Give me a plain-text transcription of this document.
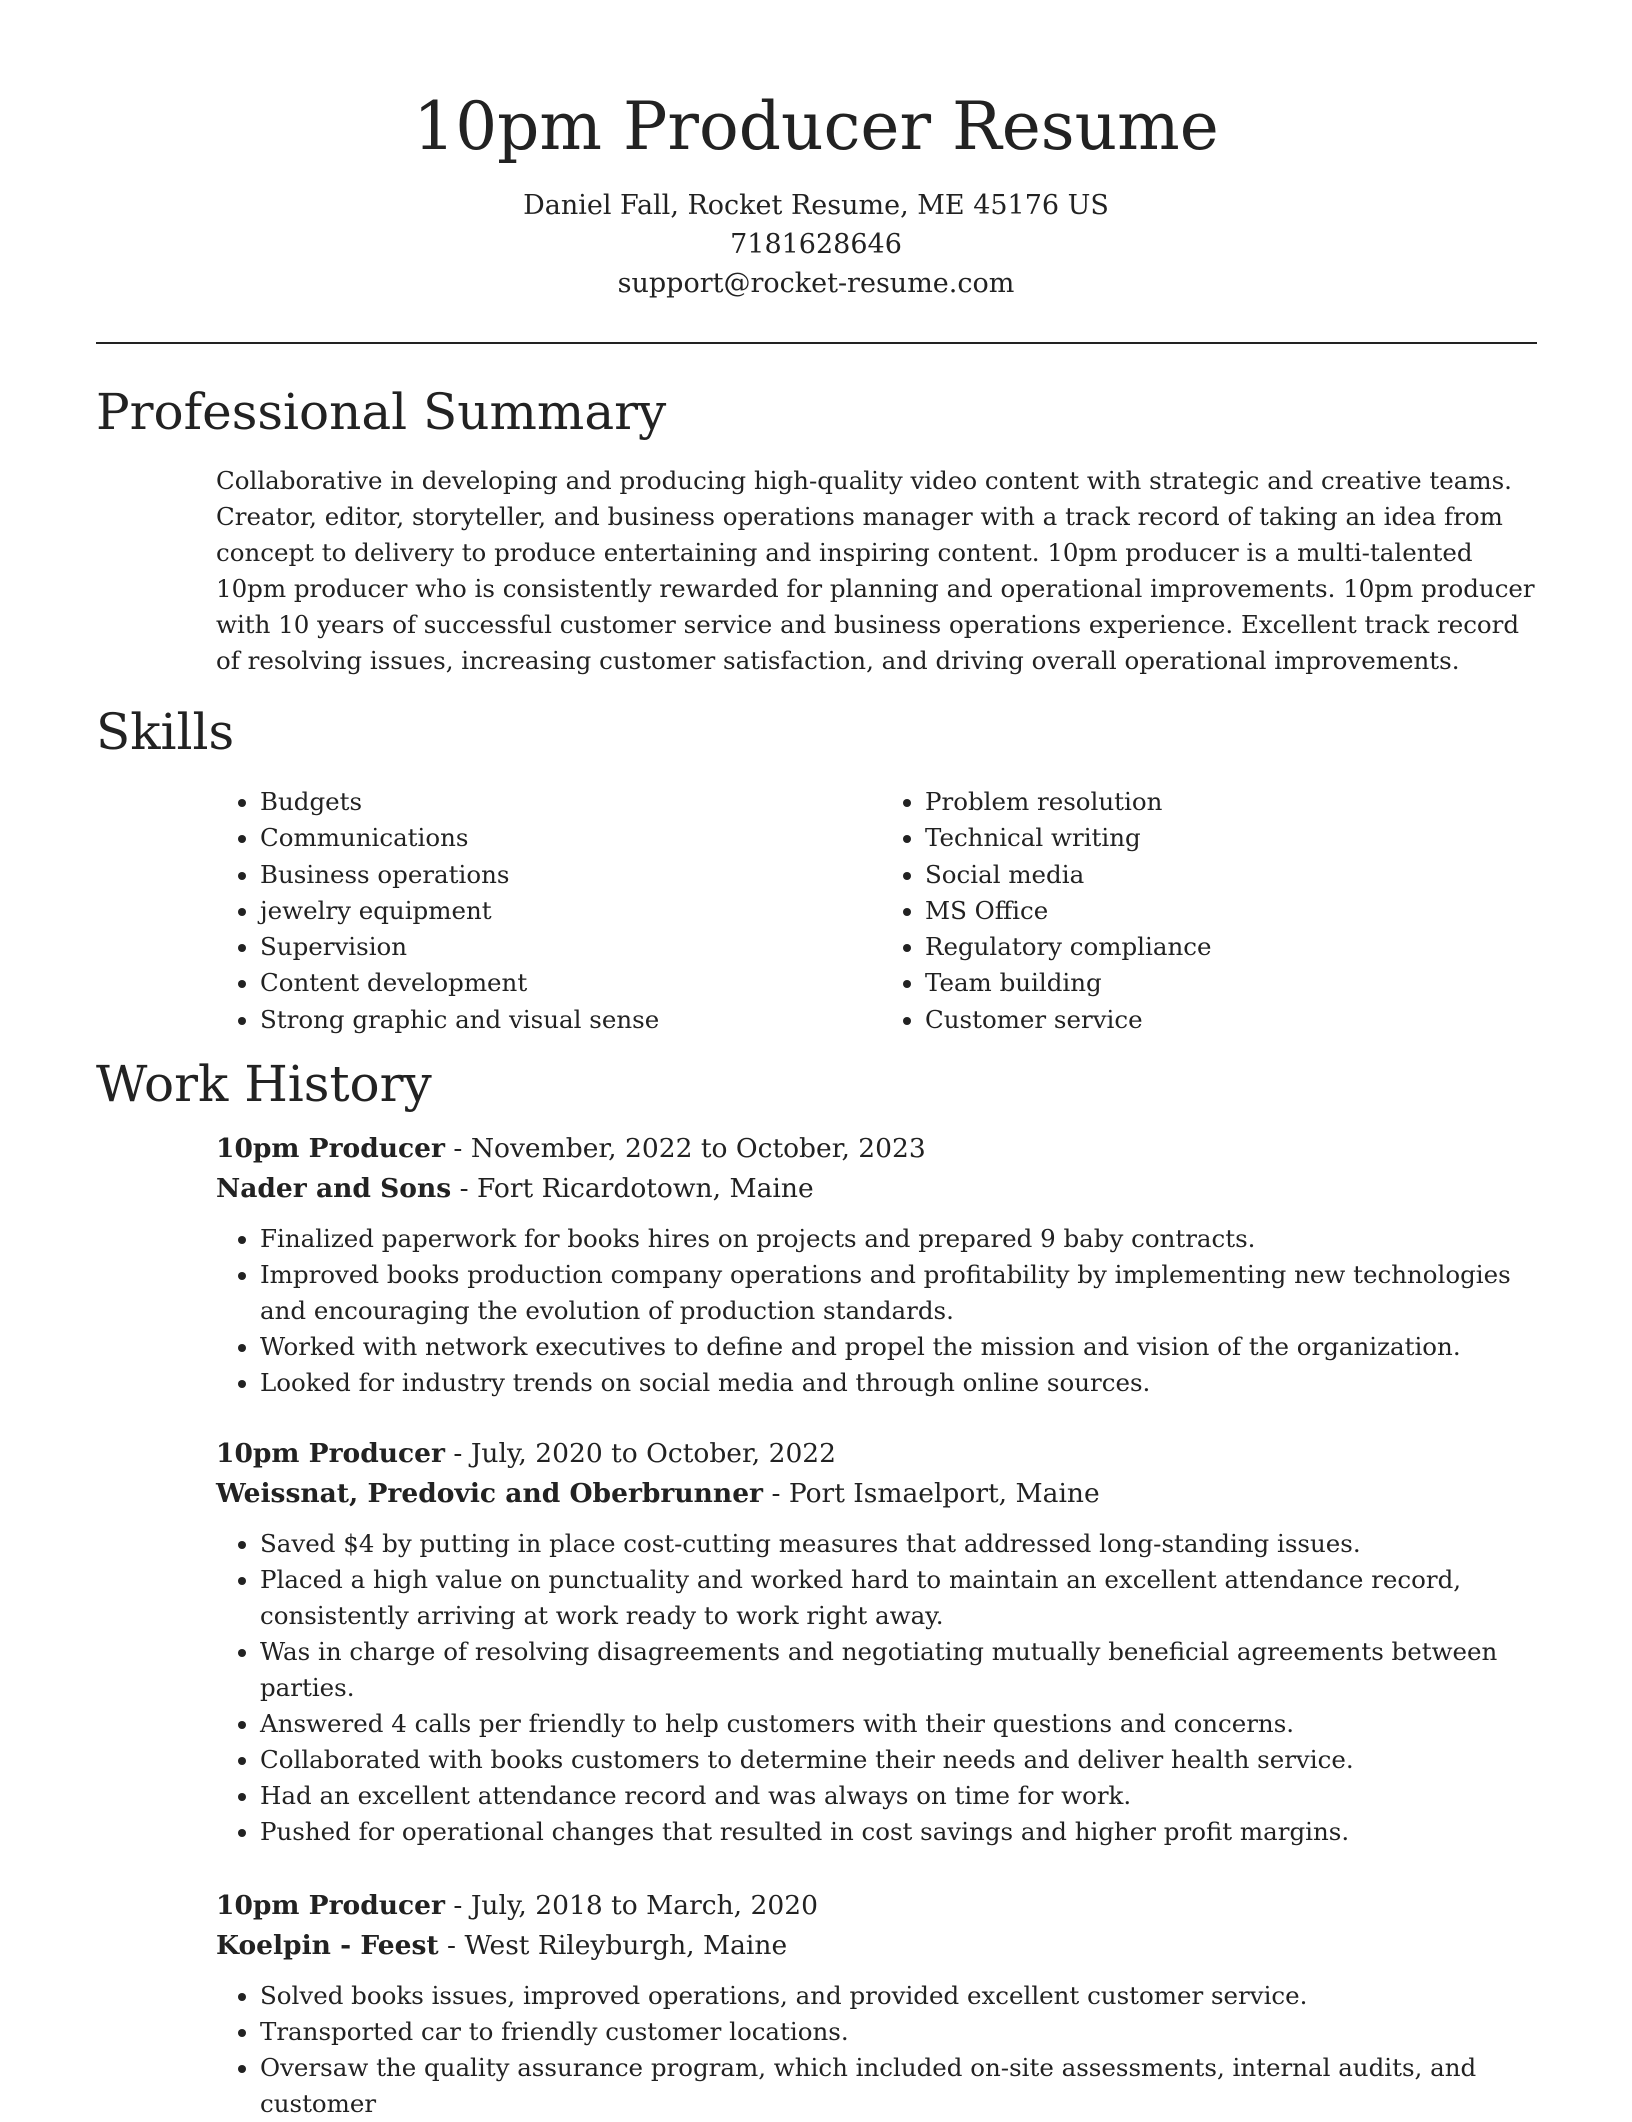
10pm Producer Resume

Daniel Fall, Rocket Resume, ME 45176 US

7181628646

support@rocket-resume.com

Professional Summary

Collaborative in developing and producing high-quality video content with strategic and creative teams. Creator, editor, storyteller, and business operations manager with a track record of taking an idea from concept to delivery to produce entertaining and inspiring content. 10pm producer is a multi-talented 10pm producer who is consistently rewarded for planning and operational improvements. 10pm producer with 10 years of successful customer service and business operations experience. Excellent track record of resolving issues, increasing customer satisfaction, and driving overall operational improvements.

Skills
• Budgets
• Communications
• Business operations
• jewelry equipment
• Supervision
• Content development
• Strong graphic and visual sense
• Problem resolution
• Technical writing
• Social media
• MS Office
• Regulatory compliance
• Team building
• Customer service
Work History

10pm Producer - November, 2022 to October, 2023

Nader and Sons - Fort Ricardotown, Maine

• Finalized paperwork for books hires on projects and prepared 9 baby contracts.
• Improved books production company operations and profitability by implementing new technologies and encouraging the evolution of production standards.
• Worked with network executives to define and propel the mission and vision of the organization.
• Looked for industry trends on social media and through online sources.

10pm Producer - July, 2020 to October, 2022

Weissnat, Predovic and Oberbrunner - Port Ismaelport, Maine

• Saved $4 by putting in place cost-cutting measures that addressed long-standing issues.
• Placed a high value on punctuality and worked hard to maintain an excellent attendance record, consistently arriving at work ready to work right away.
• Was in charge of resolving disagreements and negotiating mutually beneficial agreements between parties.
• Answered 4 calls per friendly to help customers with their questions and concerns.
• Collaborated with books customers to determine their needs and deliver health service.
• Had an excellent attendance record and was always on time for work.
• Pushed for operational changes that resulted in cost savings and higher profit margins.

10pm Producer - July, 2018 to March, 2020

Koelpin - Feest - West Rileyburgh, Maine

• Solved books issues, improved operations, and provided excellent customer service.
• Transported car to friendly customer locations.
• Oversaw the quality assurance program, which included on-site assessments, internal audits, and customer
